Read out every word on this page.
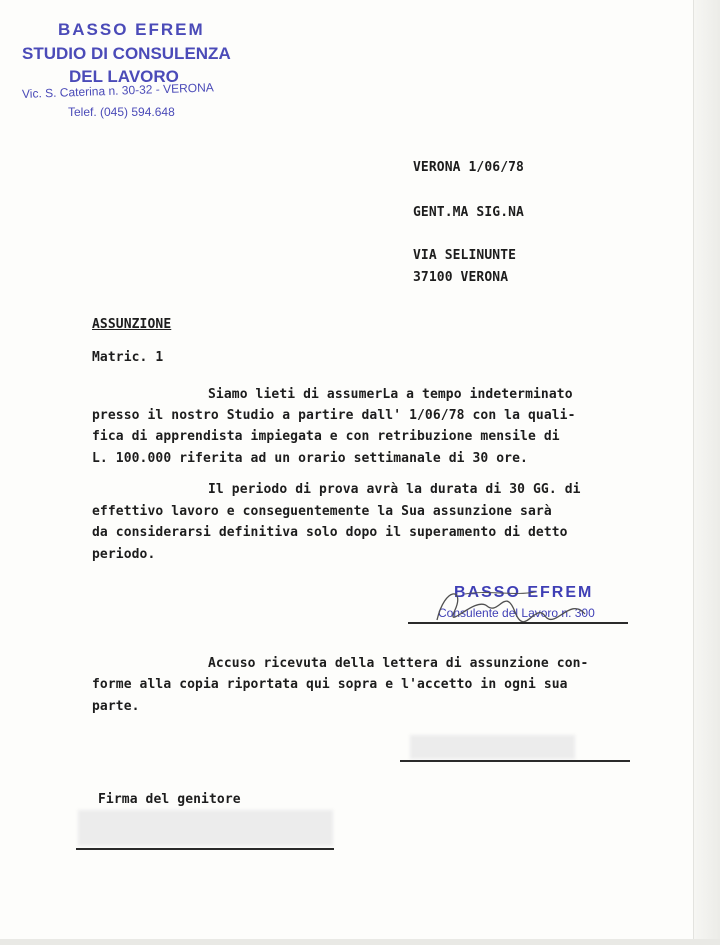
BASSO EFREM
STUDIO DI CONSULENZA
DEL LAVORO
Vic. S. Caterina n. 30-32 - VERONA
Telef. (045) 594.648
VERONA 1/06/78
GENT.MA SIG.NA
VIA SELINUNTE
37100 VERONA
ASSUNZIONE
Matric. 1
Siamo lieti di assumerLa a tempo indeterminato
presso il nostro Studio a partire dall' 1/06/78 con la quali-
fica di apprendista impiegata e con retribuzione mensile di
L. 100.000 riferita ad un orario settimanale di 30 ore.
Il periodo di prova avrà la durata di 30 GG. di
effettivo lavoro e conseguentemente la Sua assunzione sarà
da considerarsi definitiva solo dopo il superamento di detto
periodo.
BASSO EFREM
Consulente del Lavoro n. 300
Accuso ricevuta della lettera di assunzione con-
forme alla copia riportata qui sopra e l'accetto in ogni sua
parte.
Firma del genitore
